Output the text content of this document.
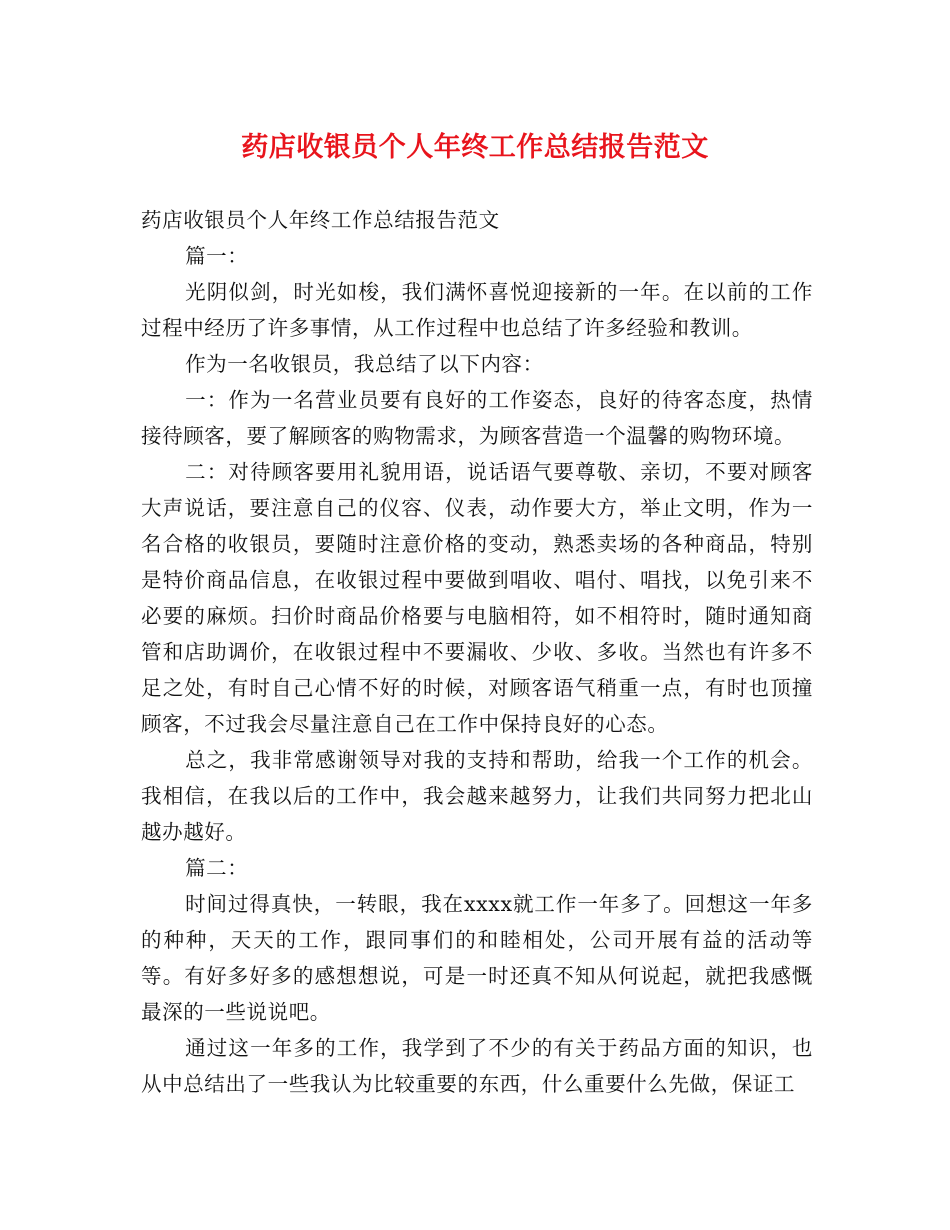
药店收银员个人年终工作总结报告范文

药店收银员个人年终工作总结报告范文

篇一：

光阴似剑，时光如梭，我们满怀喜悦迎接新的一年。在以前的工作过程中经历了许多事情，从工作过程中也总结了许多经验和教训。

作为一名收银员，我总结了以下内容：

一：作为一名营业员要有良好的工作姿态，良好的待客态度，热情接待顾客，要了解顾客的购物需求，为顾客营造一个温馨的购物环境。

二：对待顾客要用礼貌用语，说话语气要尊敬、亲切，不要对顾客大声说话，要注意自己的仪容、仪表，动作要大方，举止文明，作为一名合格的收银员，要随时注意价格的变动，熟悉卖场的各种商品，特别是特价商品信息，在收银过程中要做到唱收、唱付、唱找，以免引来不必要的麻烦。扫价时商品价格要与电脑相符，如不相符时，随时通知商管和店助调价，在收银过程中不要漏收、少收、多收。当然也有许多不足之处，有时自己心情不好的时候，对顾客语气稍重一点，有时也顶撞顾客，不过我会尽量注意自己在工作中保持良好的心态。

总之，我非常感谢领导对我的支持和帮助，给我一个工作的机会。我相信，在我以后的工作中，我会越来越努力，让我们共同努力把北山越办越好。

篇二：

时间过得真快，一转眼，我在xxxx就工作一年多了。回想这一年多的种种，天天的工作，跟同事们的和睦相处，公司开展有益的活动等等。有好多好多的感想想说，可是一时还真不知从何说起，就把我感慨最深的一些说说吧。

通过这一年多的工作，我学到了不少的有关于药品方面的知识，也从中总结出了一些我认为比较重要的东西，什么重要什么先做，保证工
